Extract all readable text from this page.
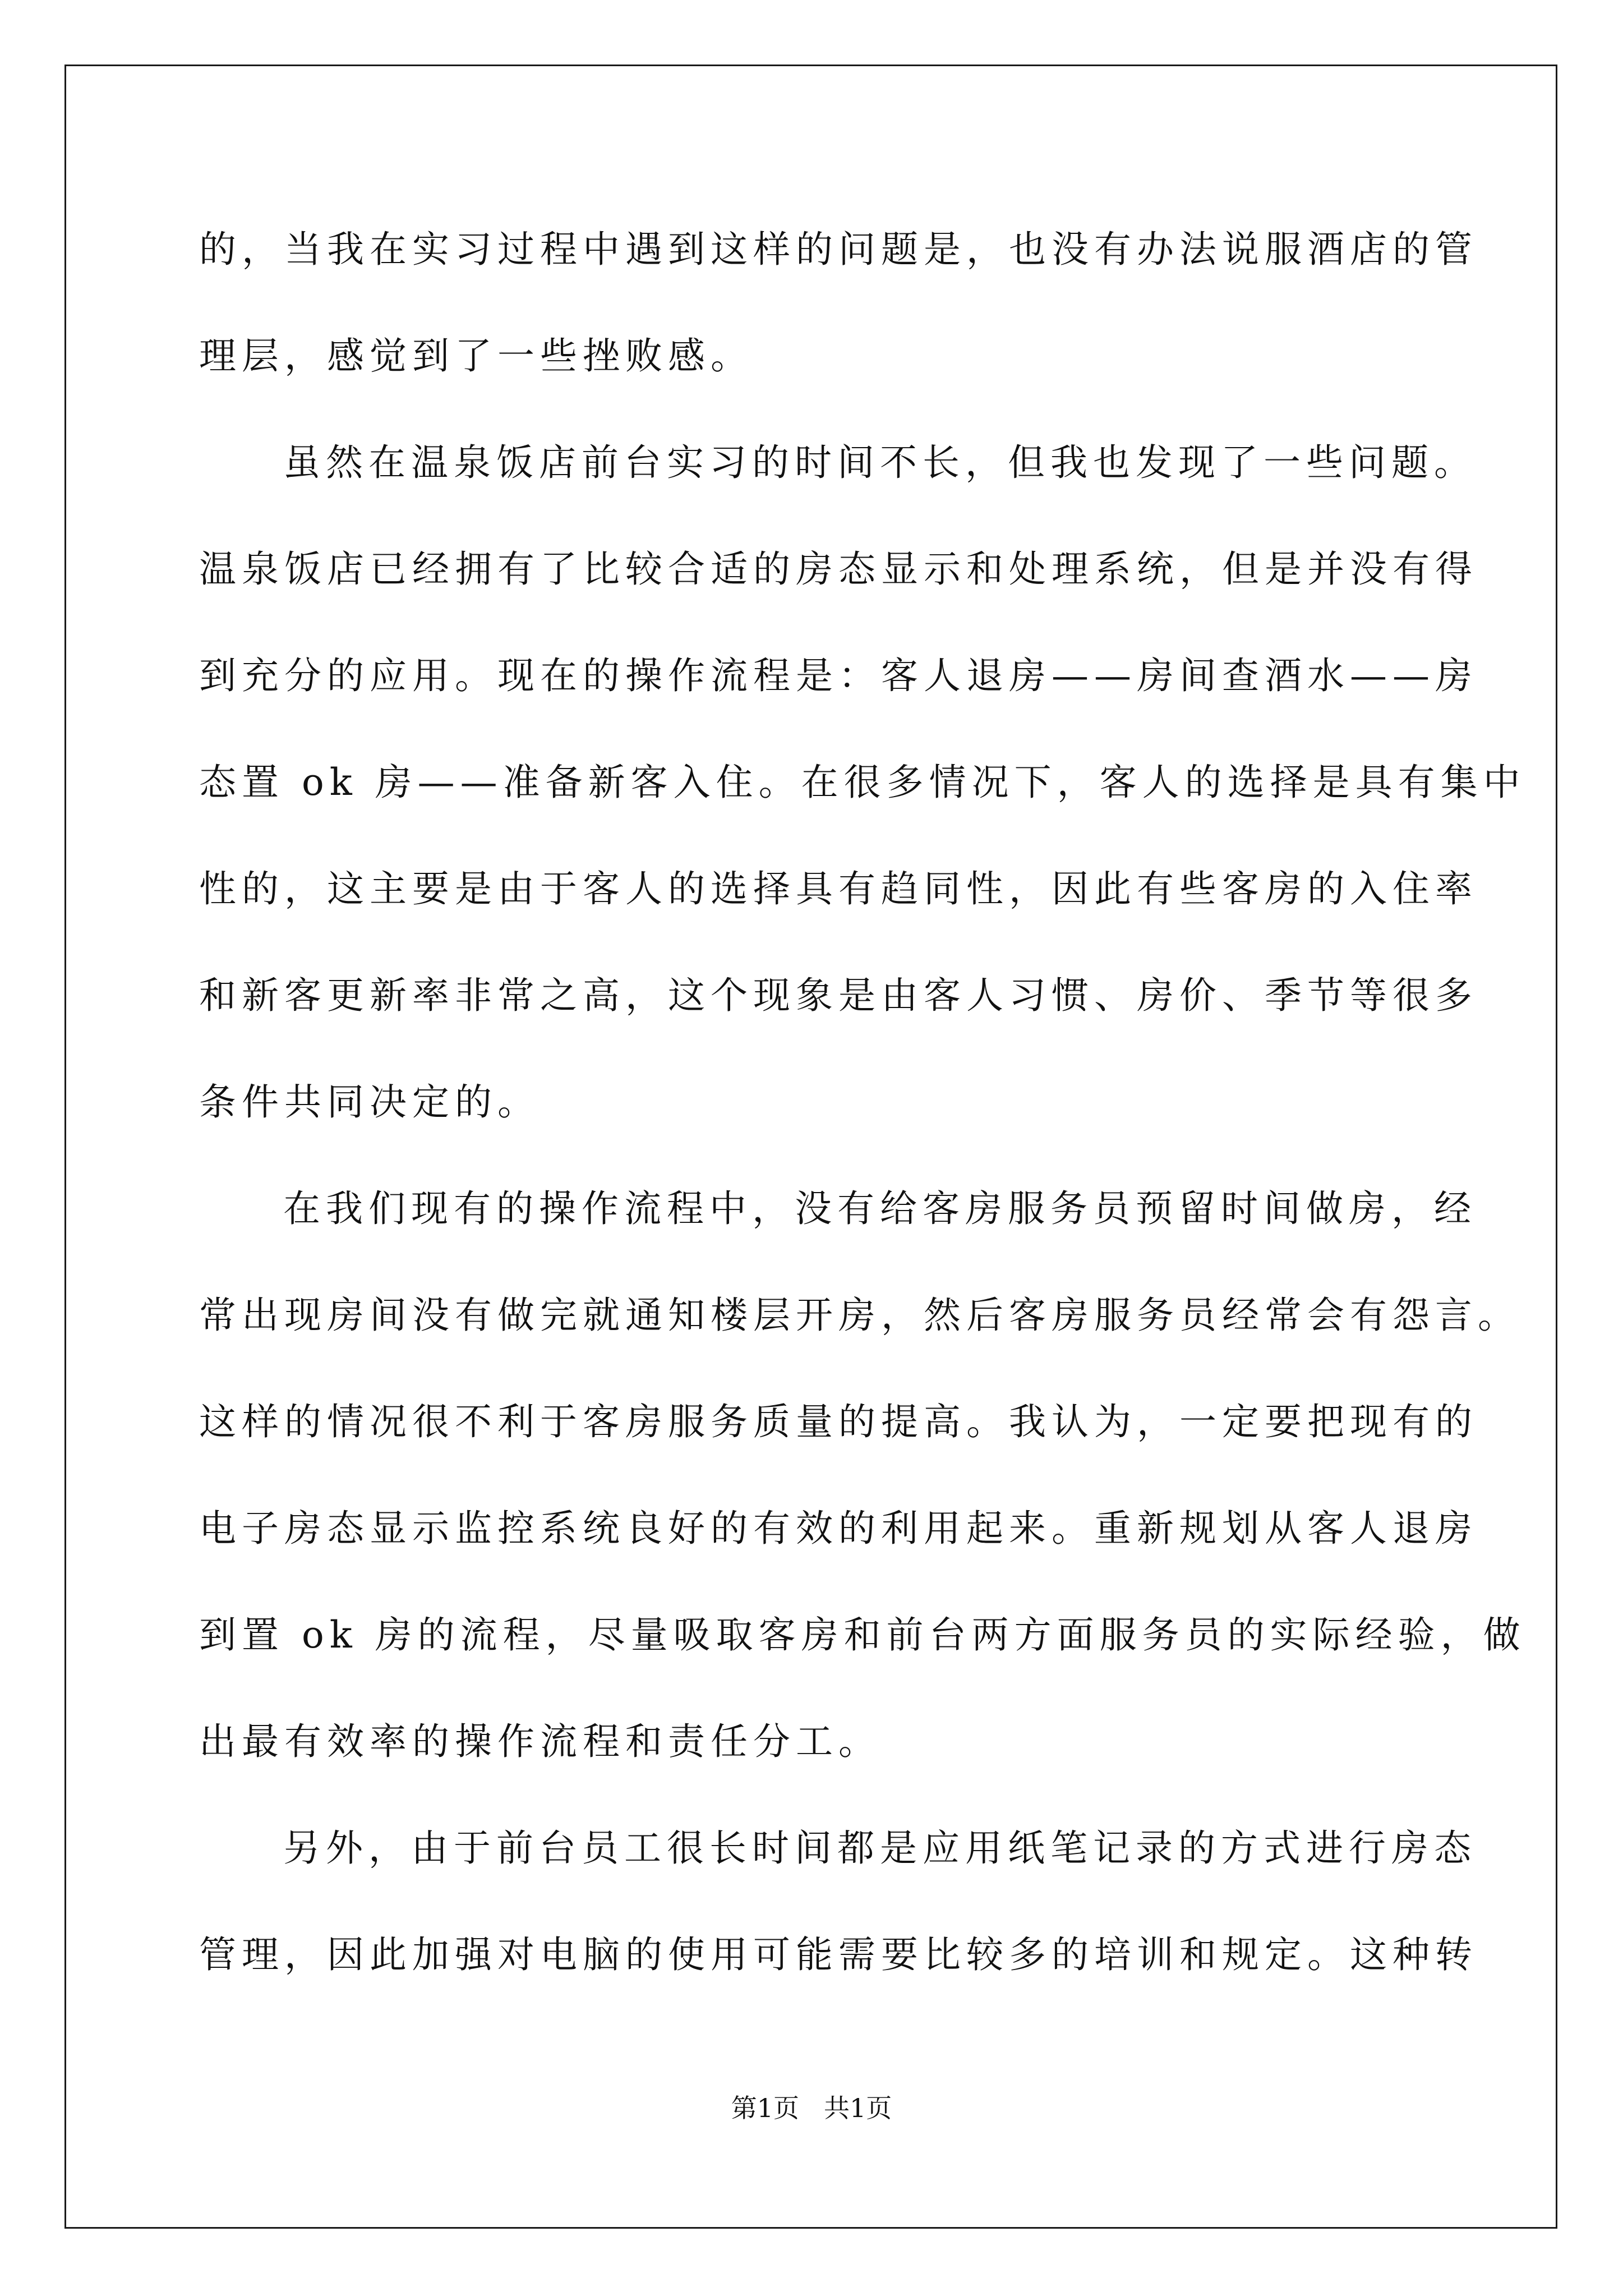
的，当我在实习过程中遇到这样的问题是，也没有办法说服酒店的管
理层，感觉到了一些挫败感。
虽然在温泉饭店前台实习的时间不长，但我也发现了一些问题。
温泉饭店已经拥有了比较合适的房态显示和处理系统，但是并没有得
到充分的应用。现在的操作流程是：客人退房——房间查酒水——房
态置 ok 房——准备新客入住。在很多情况下，客人的选择是具有集中
性的，这主要是由于客人的选择具有趋同性，因此有些客房的入住率
和新客更新率非常之高，这个现象是由客人习惯、房价、季节等很多
条件共同决定的。
在我们现有的操作流程中，没有给客房服务员预留时间做房，经
常出现房间没有做完就通知楼层开房，然后客房服务员经常会有怨言。
这样的情况很不利于客房服务质量的提高。我认为，一定要把现有的
电子房态显示监控系统良好的有效的利用起来。重新规划从客人退房
到置 ok 房的流程，尽量吸取客房和前台两方面服务员的实际经验，做
出最有效率的操作流程和责任分工。
另外，由于前台员工很长时间都是应用纸笔记录的方式进行房态
管理，因此加强对电脑的使用可能需要比较多的培训和规定。这种转
第1页 共1页
